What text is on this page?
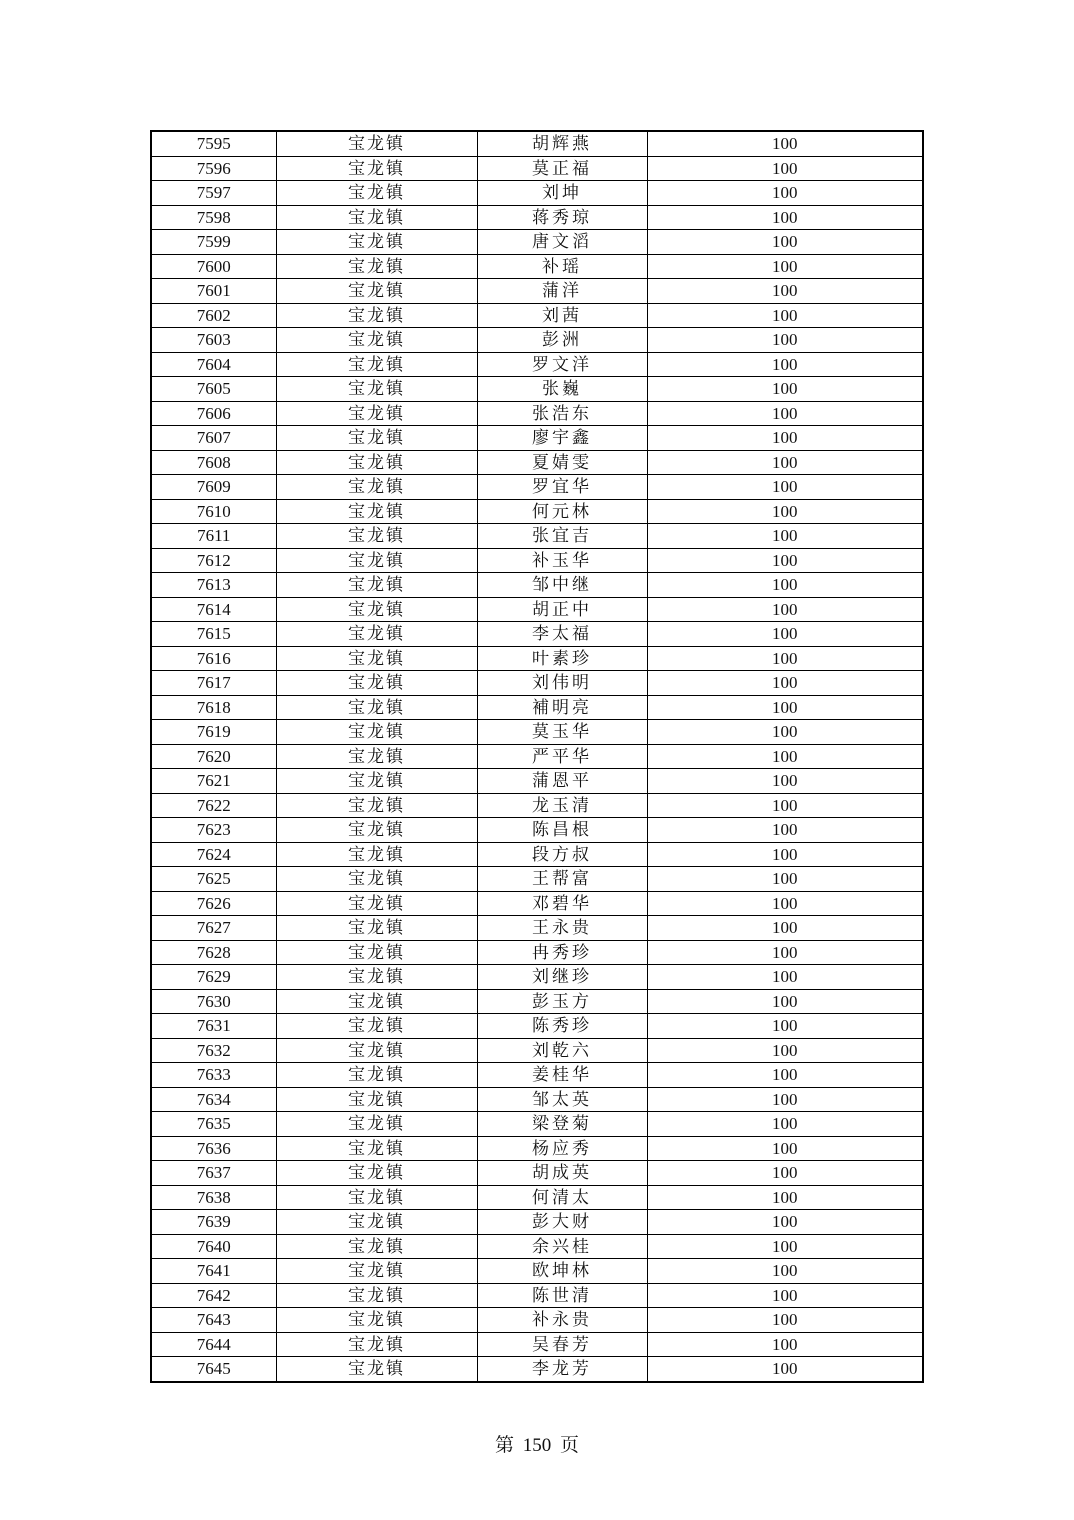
7595	宝龙镇	胡辉燕	100
7596	宝龙镇	莫正福	100
7597	宝龙镇	刘坤	100
7598	宝龙镇	蒋秀琼	100
7599	宝龙镇	唐文滔	100
7600	宝龙镇	补瑶	100
7601	宝龙镇	蒲洋	100
7602	宝龙镇	刘茜	100
7603	宝龙镇	彭洲	100
7604	宝龙镇	罗文洋	100
7605	宝龙镇	张巍	100
7606	宝龙镇	张浩东	100
7607	宝龙镇	廖宇鑫	100
7608	宝龙镇	夏婧雯	100
7609	宝龙镇	罗宜华	100
7610	宝龙镇	何元林	100
7611	宝龙镇	张宜吉	100
7612	宝龙镇	补玉华	100
7613	宝龙镇	邹中继	100
7614	宝龙镇	胡正中	100
7615	宝龙镇	李太福	100
7616	宝龙镇	叶素珍	100
7617	宝龙镇	刘伟明	100
7618	宝龙镇	補明亮	100
7619	宝龙镇	莫玉华	100
7620	宝龙镇	严平华	100
7621	宝龙镇	蒲恩平	100
7622	宝龙镇	龙玉清	100
7623	宝龙镇	陈昌根	100
7624	宝龙镇	段方叔	100
7625	宝龙镇	王帮富	100
7626	宝龙镇	邓碧华	100
7627	宝龙镇	王永贵	100
7628	宝龙镇	冉秀珍	100
7629	宝龙镇	刘继珍	100
7630	宝龙镇	彭玉方	100
7631	宝龙镇	陈秀珍	100
7632	宝龙镇	刘乾六	100
7633	宝龙镇	姜桂华	100
7634	宝龙镇	邹太英	100
7635	宝龙镇	梁登菊	100
7636	宝龙镇	杨应秀	100
7637	宝龙镇	胡成英	100
7638	宝龙镇	何清太	100
7639	宝龙镇	彭大财	100
7640	宝龙镇	余兴桂	100
7641	宝龙镇	欧坤林	100
7642	宝龙镇	陈世清	100
7643	宝龙镇	补永贵	100
7644	宝龙镇	吴春芳	100
7645	宝龙镇	李龙芳	100
第 150 页
